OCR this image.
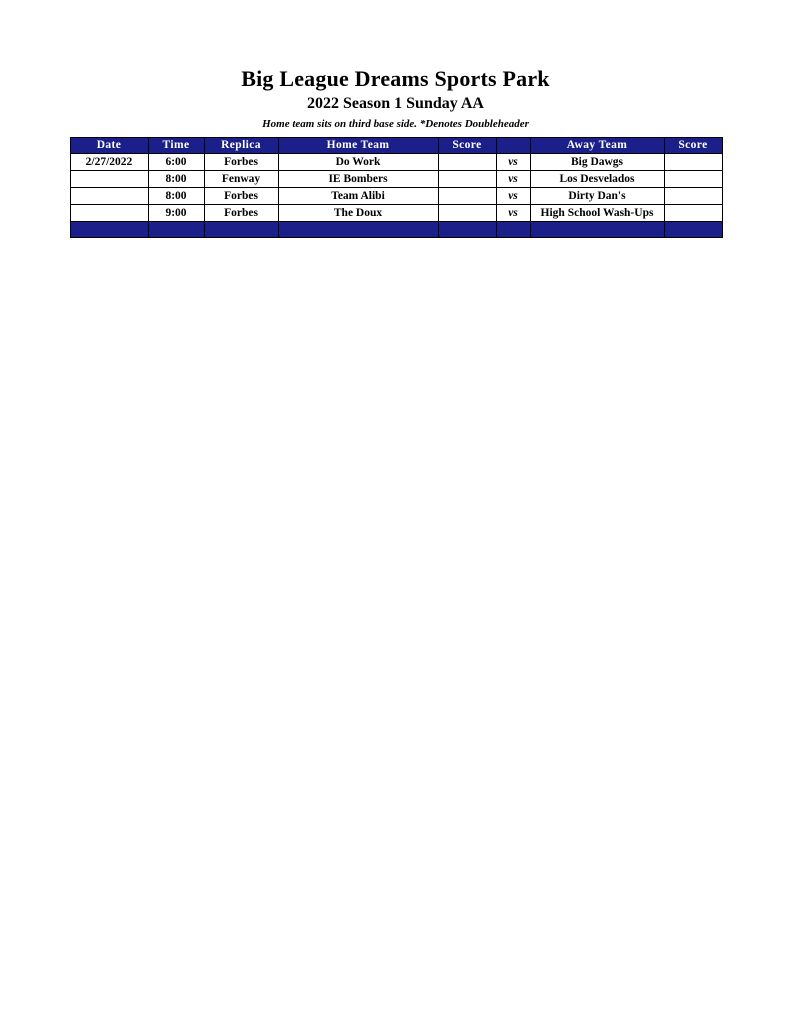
Big League Dreams Sports Park
2022 Season 1 Sunday AA
Home team sits on third base side. *Denotes Doubleheader
Date	Time	Replica	Home Team	Score		Away Team	Score
2/27/2022	6:00	Forbes	Do Work		vs	Big Dawgs	
	8:00	Fenway	IE Bombers		vs	Los Desvelados	
	8:00	Forbes	Team Alibi		vs	Dirty Dan's	
	9:00	Forbes	The Doux		vs	High School Wash-Ups	
